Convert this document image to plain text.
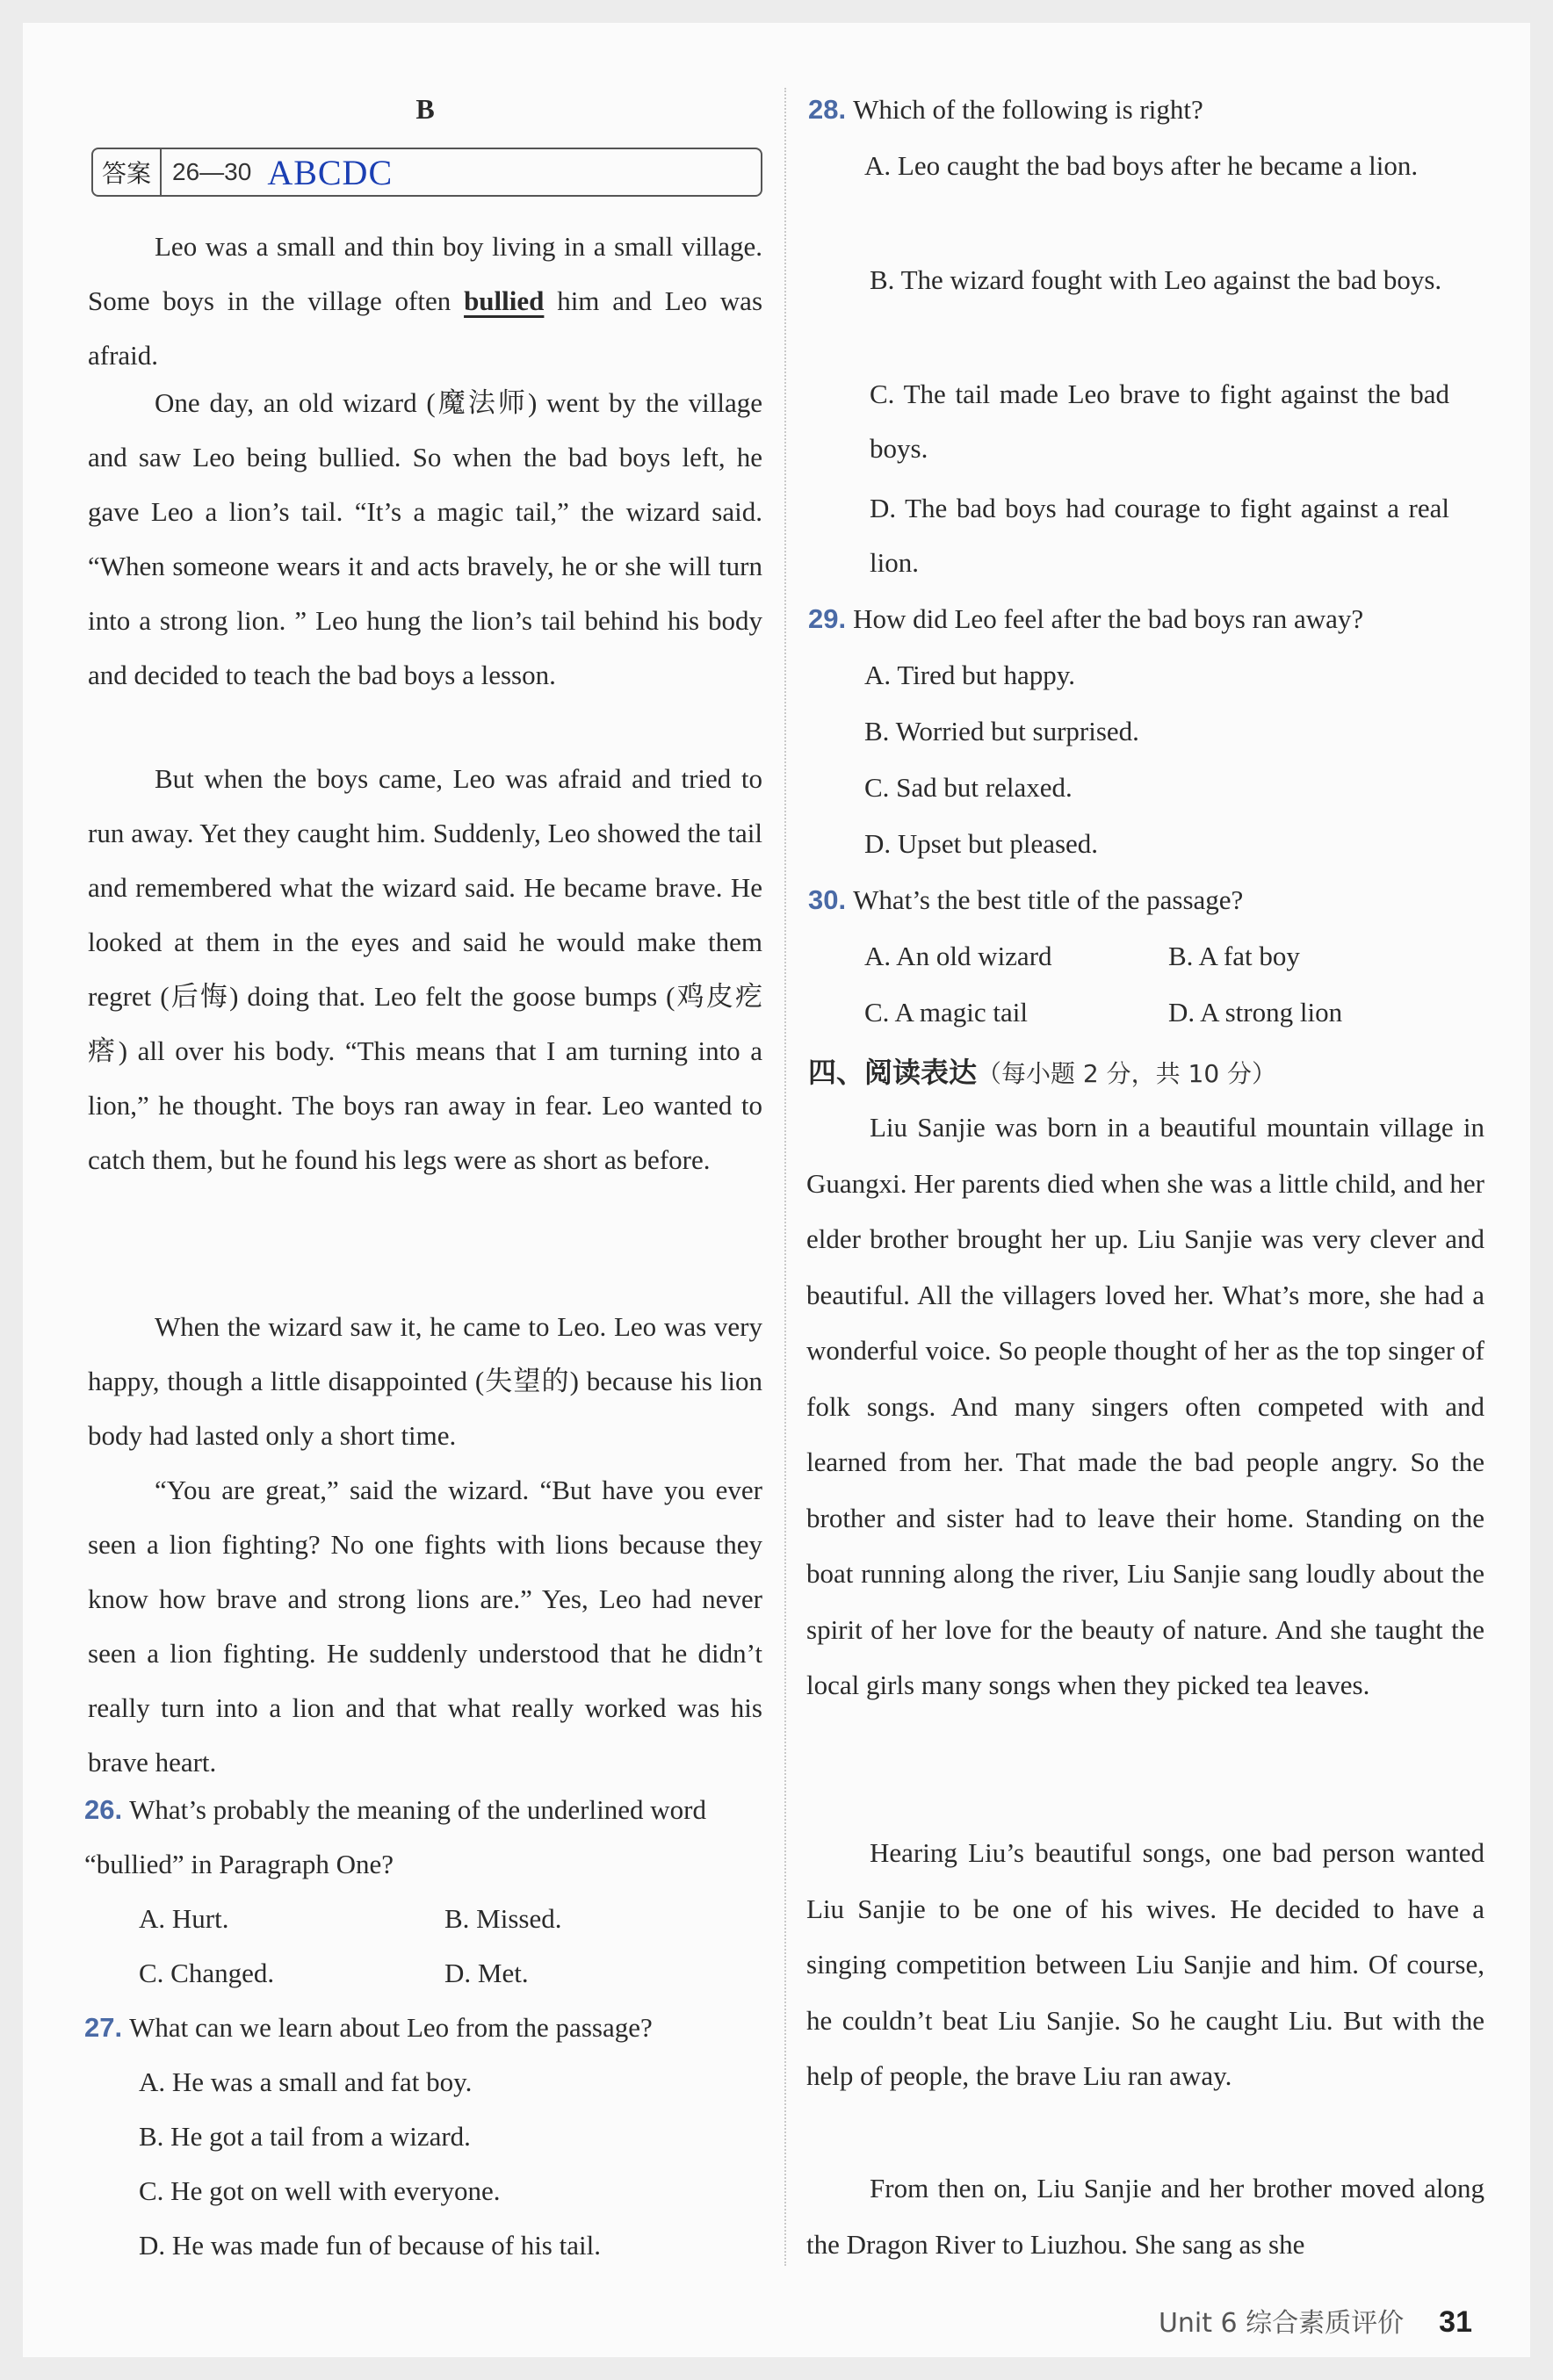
B
答案 26—30 ABCDC
Leo was a small and thin boy living in a small village. Some boys in the village often bullied him and Leo was afraid.
One day, an old wizard (魔法师) went by the village and saw Leo being bullied. So when the bad boys left, he gave Leo a lion’s tail. “It’s a magic tail,” the wizard said. “When someone wears it and acts bravely, he or she will turn into a strong lion. ” Leo hung the lion’s tail behind his body and decided to teach the bad boys a lesson.
But when the boys came, Leo was afraid and tried to run away. Yet they caught him. Suddenly, Leo showed the tail and remembered what the wizard said. He became brave. He looked at them in the eyes and said he would make them regret (后悔) doing that. Leo felt the goose bumps (鸡皮疙瘩) all over his body. “This means that I am turning into a lion,” he thought. The boys ran away in fear. Leo wanted to catch them, but he found his legs were as short as before.
When the wizard saw it, he came to Leo. Leo was very happy, though a little disappointed (失望的) because his lion body had lasted only a short time.
“You are great,” said the wizard. “But have you ever seen a lion fighting? No one fights with lions because they know how brave and strong lions are.” Yes, Leo had never seen a lion fighting. He suddenly understood that he didn’t really turn into a lion and that what really worked was his brave heart.
26. What’s probably the meaning of the underlined word “bullied” in Paragraph One?
A. Hurt.	B. Missed.
C. Changed.	D. Met.
27. What can we learn about Leo from the passage?
A. He was a small and fat boy.
B. He got a tail from a wizard.
C. He got on well with everyone.
D. He was made fun of because of his tail.
28. Which of the following is right?
A. Leo caught the bad boys after he became a lion.
B. The wizard fought with Leo against the bad boys.
C. The tail made Leo brave to fight against the bad boys.
D. The bad boys had courage to fight against a real lion.
29. How did Leo feel after the bad boys ran away?
A. Tired but happy.
B. Worried but surprised.
C. Sad but relaxed.
D. Upset but pleased.
30. What’s the best title of the passage?
A. An old wizard	B. A fat boy
C. A magic tail	D. A strong lion
四、阅读表达（每小题 2 分，共 10 分）
Liu Sanjie was born in a beautiful mountain village in Guangxi. Her parents died when she was a little child, and her elder brother brought her up. Liu Sanjie was very clever and beautiful. All the villagers loved her. What’s more, she had a wonderful voice. So people thought of her as the top singer of folk songs. And many singers often competed with and learned from her. That made the bad people angry. So the brother and sister had to leave their home. Standing on the boat running along the river, Liu Sanjie sang loudly about the spirit of her love for the beauty of nature. And she taught the local girls many songs when they picked tea leaves.
Hearing Liu’s beautiful songs, one bad person wanted Liu Sanjie to be one of his wives. He decided to have a singing competition between Liu Sanjie and him. Of course, he couldn’t beat Liu Sanjie. So he caught Liu. But with the help of people, the brave Liu ran away.
From then on, Liu Sanjie and her brother moved along the Dragon River to Liuzhou. She sang as she
Unit 6 综合素质评价 31
